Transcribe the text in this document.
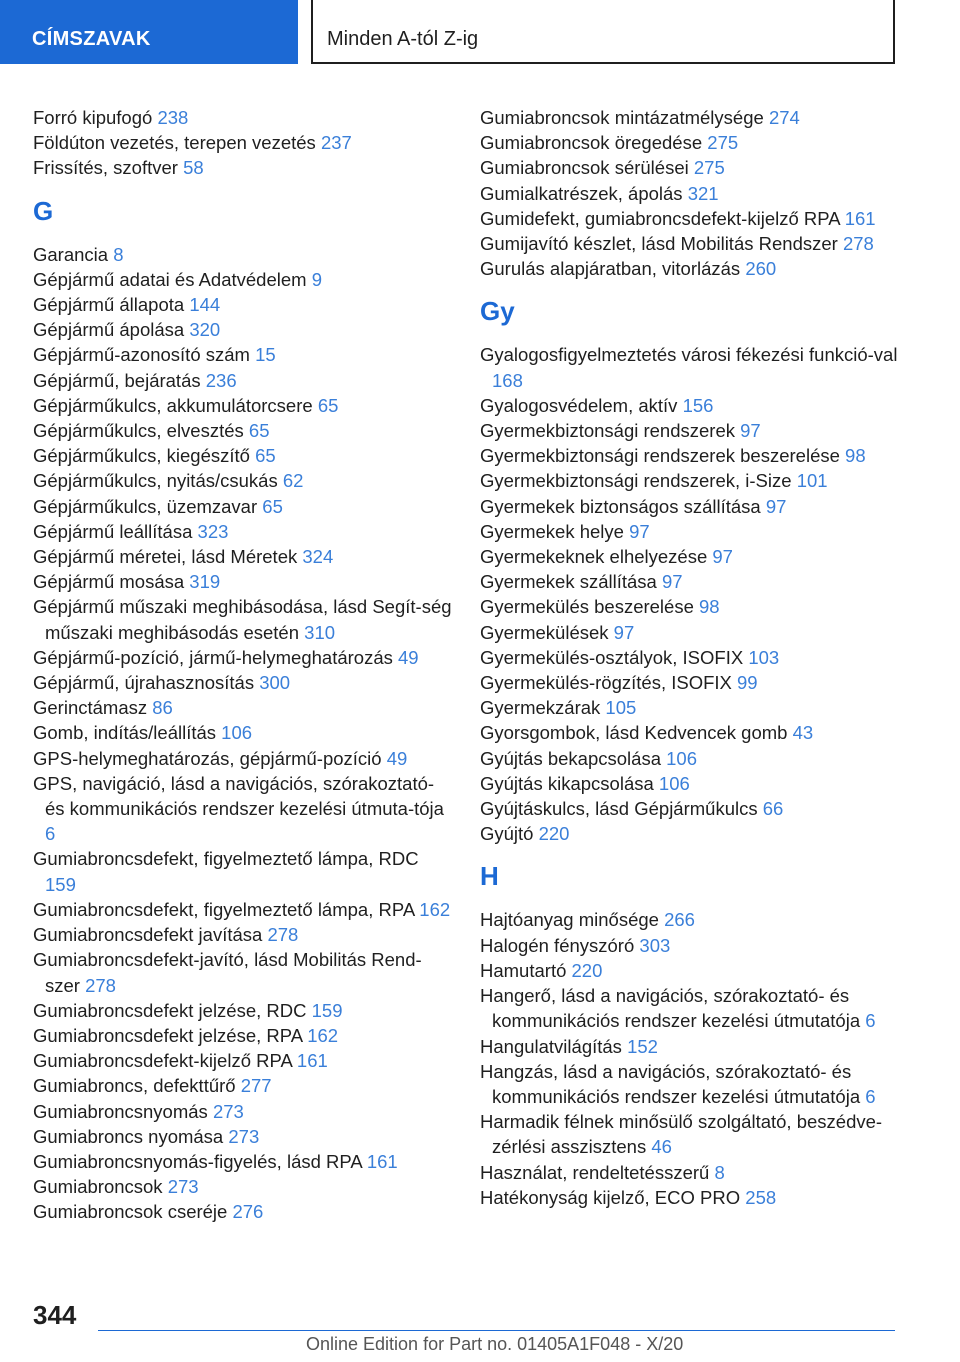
CÍMSZAVAK	Minden A-tól Z-ig
Forró kipufogó 238
Földúton vezetés, terepen vezetés 237
Frissítés, szoftver 58
G
Garancia 8
Gépjármű adatai és Adatvédelem 9
Gépjármű állapota 144
Gépjármű ápolása 320
Gépjármű-azonosító szám 15
Gépjármű, bejáratás 236
Gépjárműkulcs, akkumulátorcsere 65
Gépjárműkulcs, elvesztés 65
Gépjárműkulcs, kiegészítő 65
Gépjárműkulcs, nyitás/csukás 62
Gépjárműkulcs, üzemzavar 65
Gépjármű leállítása 323
Gépjármű méretei, lásd Méretek 324
Gépjármű mosása 319
Gépjármű műszaki meghibásodása, lásd Segít-ség műszaki meghibásodás esetén 310
Gépjármű-pozíció, jármű-helymeghatározás 49
Gépjármű, újrahasznosítás 300
Gerinctámasz 86
Gomb, indítás/leállítás 106
GPS-helymeghatározás, gépjármű-pozíció 49
GPS, navigáció, lásd a navigációs, szórakoztató- és kommunikációs rendszer kezelési útmuta-tója 6
Gumiabroncsdefekt, figyelmeztető lámpa, RDC 159
Gumiabroncsdefekt, figyelmeztető lámpa, RPA 162
Gumiabroncsdefekt javítása 278
Gumiabroncsdefekt-javító, lásd Mobilitás Rend-szer 278
Gumiabroncsdefekt jelzése, RDC 159
Gumiabroncsdefekt jelzése, RPA 162
Gumiabroncsdefekt-kijelző RPA 161
Gumiabroncs, defekttűrő 277
Gumiabroncsnyomás 273
Gumiabroncs nyomása 273
Gumiabroncsnyomás-figyelés, lásd RPA 161
Gumiabroncsok 273
Gumiabroncsok cseréje 276
Gumiabroncsok mintázatmélysége 274
Gumiabroncsok öregedése 275
Gumiabroncsok sérülései 275
Gumialkatrészek, ápolás 321
Gumidefekt, gumiabroncsdefekt-kijelző RPA 161
Gumijavító készlet, lásd Mobilitás Rendszer 278
Gurulás alapjáratban, vitorlázás 260
Gy
Gyalogosfigyelmeztetés városi fékezési funkció-val 168
Gyalogosvédelem, aktív 156
Gyermekbiztonsági rendszerek 97
Gyermekbiztonsági rendszerek beszerelése 98
Gyermekbiztonsági rendszerek, i-Size 101
Gyermekek biztonságos szállítása 97
Gyermekek helye 97
Gyermekeknek elhelyezése 97
Gyermekek szállítása 97
Gyermekülés beszerelése 98
Gyermekülések 97
Gyermekülés-osztályok, ISOFIX 103
Gyermekülés-rögzítés, ISOFIX 99
Gyermekzárak 105
Gyorsgombok, lásd Kedvencek gomb 43
Gyújtás bekapcsolása 106
Gyújtás kikapcsolása 106
Gyújtáskulcs, lásd Gépjárműkulcs 66
Gyújtó 220
H
Hajtóanyag minősége 266
Halogén fényszóró 303
Hamutartó 220
Hangerő, lásd a navigációs, szórakoztató- és kommunikációs rendszer kezelési útmutatója 6
Hangulatvilágítás 152
Hangzás, lásd a navigációs, szórakoztató- és kommunikációs rendszer kezelési útmutatója 6
Harmadik félnek minősülő szolgáltató, beszédve-zérlési asszisztens 46
Használat, rendeltetésszerű 8
Hatékonyság kijelző, ECO PRO 258
344
Online Edition for Part no. 01405A1F048 - X/20
